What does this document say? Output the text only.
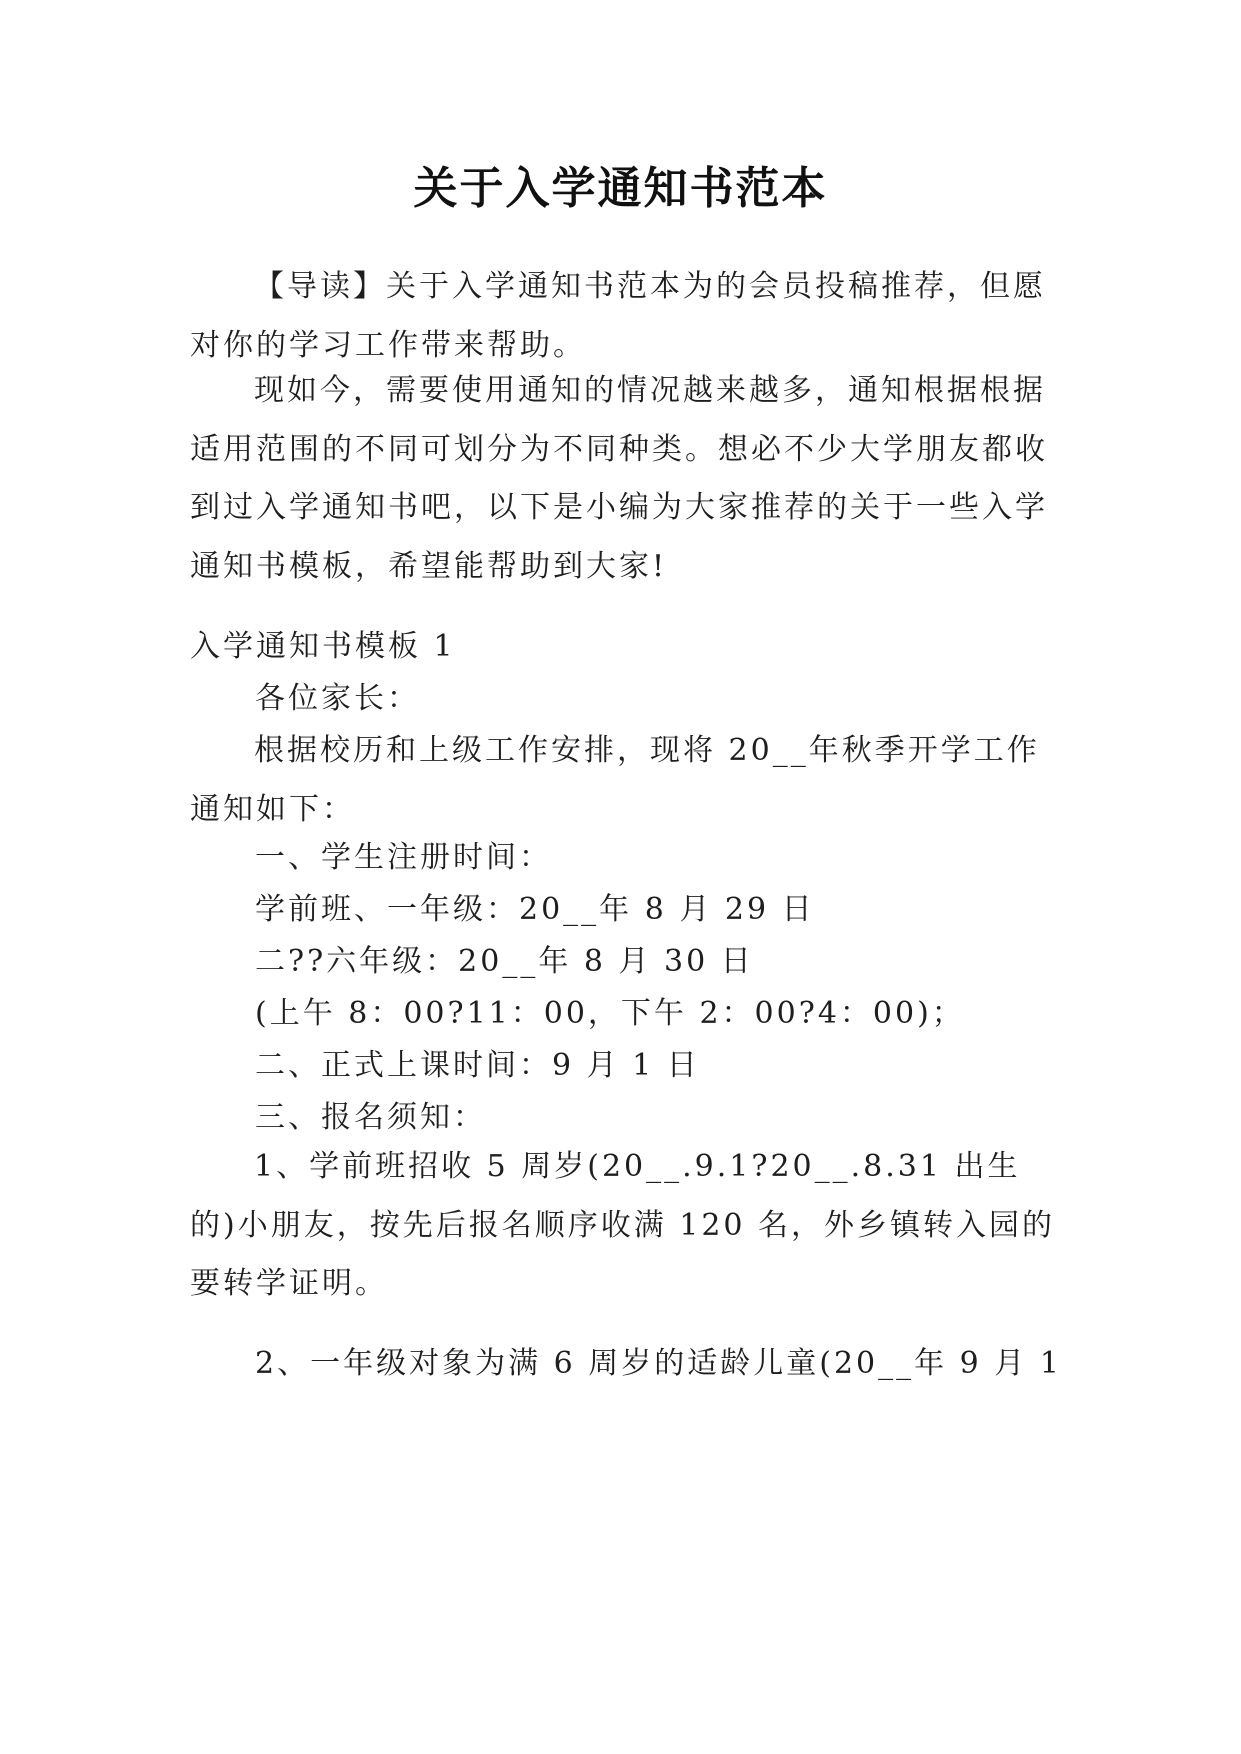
关于入学通知书范本

【导读】关于入学通知书范本为的会员投稿推荐，但愿对你的学习工作带来帮助。

现如今，需要使用通知的情况越来越多，通知根据根据适用范围的不同可划分为不同种类。想必不少大学朋友都收到过入学通知书吧，以下是小编为大家推荐的关于一些入学通知书模板，希望能帮助到大家!

入学通知书模板 1

各位家长：

根据校历和上级工作安排，现将 20__年秋季开学工作通知如下：

一、学生注册时间：

学前班、一年级：20__年 8 月 29 日

二??六年级：20__年 8 月 30 日

(上午 8：00?11：00，下午 2：00?4：00)；

二、正式上课时间：9 月 1 日

三、报名须知：

1、学前班招收 5 周岁(20__.9.1?20__.8.31 出生的)小朋友，按先后报名顺序收满 120 名，外乡镇转入园的要转学证明。

2、一年级对象为满 6 周岁的适龄儿童(20__年 9 月 1
